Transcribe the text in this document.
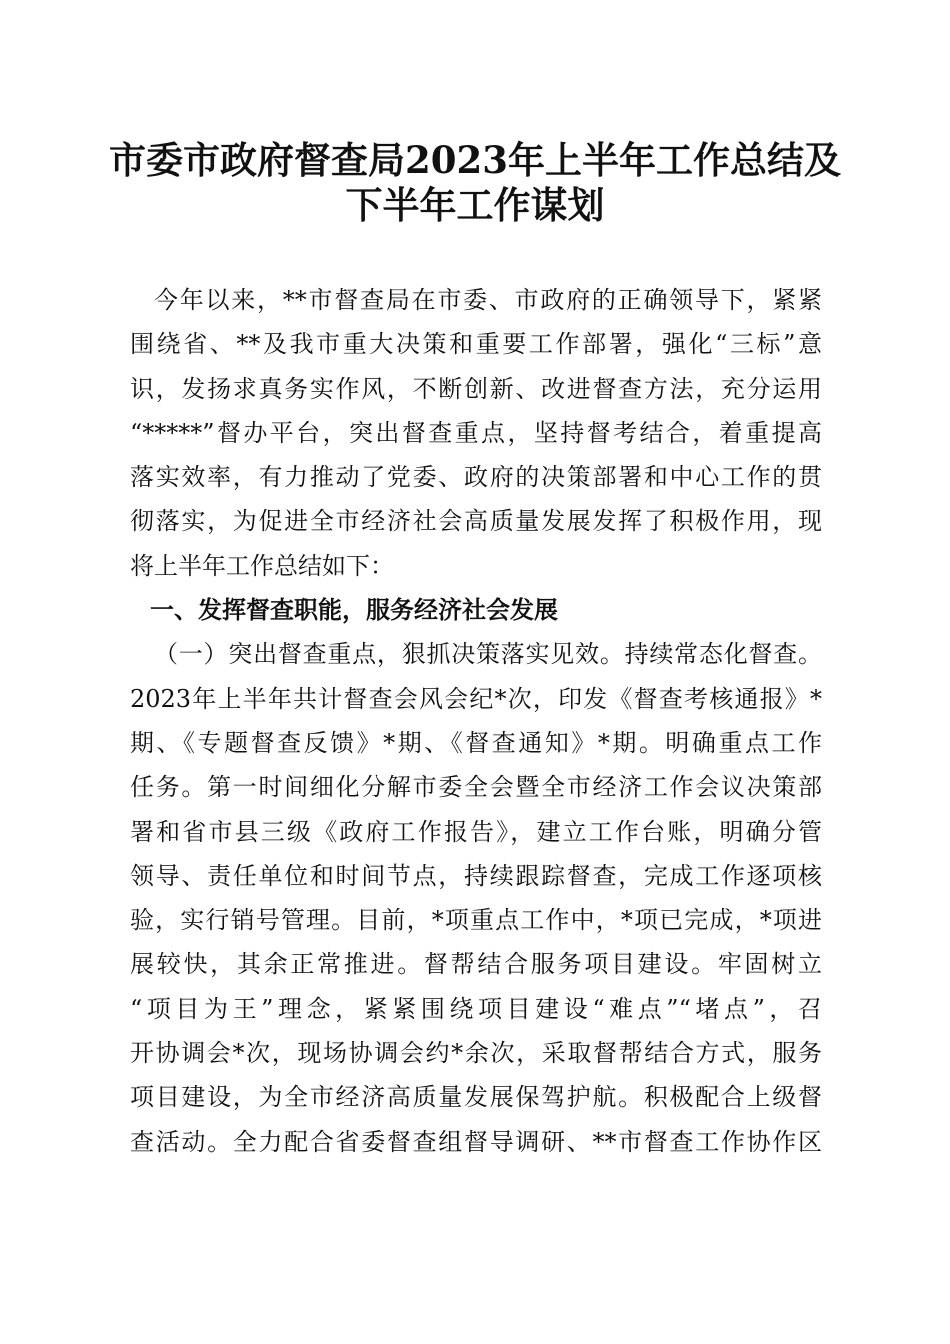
市委市政府督查局2023年上半年工作总结及
下半年工作谋划
今年以来，**市督查局在市委、市政府的正确领导下，紧紧
围绕省、**及我市重大决策和重要工作部署，强化“三标”意
识，发扬求真务实作风，不断创新、改进督查方法，充分运用
“*****”督办平台，突出督查重点，坚持督考结合，着重提高
落实效率，有力推动了党委、政府的决策部署和中心工作的贯
彻落实，为促进全市经济社会高质量发展发挥了积极作用，现
将上半年工作总结如下：
一、发挥督查职能，服务经济社会发展
（一）突出督查重点，狠抓决策落实见效。持续常态化督查。
2023年上半年共计督查会风会纪*次，印发《督查考核通报》*
期、《专题督查反馈》*期、《督查通知》*期。明确重点工作
任务。第一时间细化分解市委全会暨全市经济工作会议决策部
署和省市县三级《政府工作报告》，建立工作台账，明确分管
领导、责任单位和时间节点，持续跟踪督查，完成工作逐项核
验，实行销号管理。目前，*项重点工作中，*项已完成，*项进
展较快，其余正常推进。督帮结合服务项目建设。牢固树立
“项目为王”理念，紧紧围绕项目建设“难点”“堵点”，召
开协调会*次，现场协调会约*余次，采取督帮结合方式，服务
项目建设，为全市经济高质量发展保驾护航。积极配合上级督
查活动。全力配合省委督查组督导调研、**市督查工作协作区
